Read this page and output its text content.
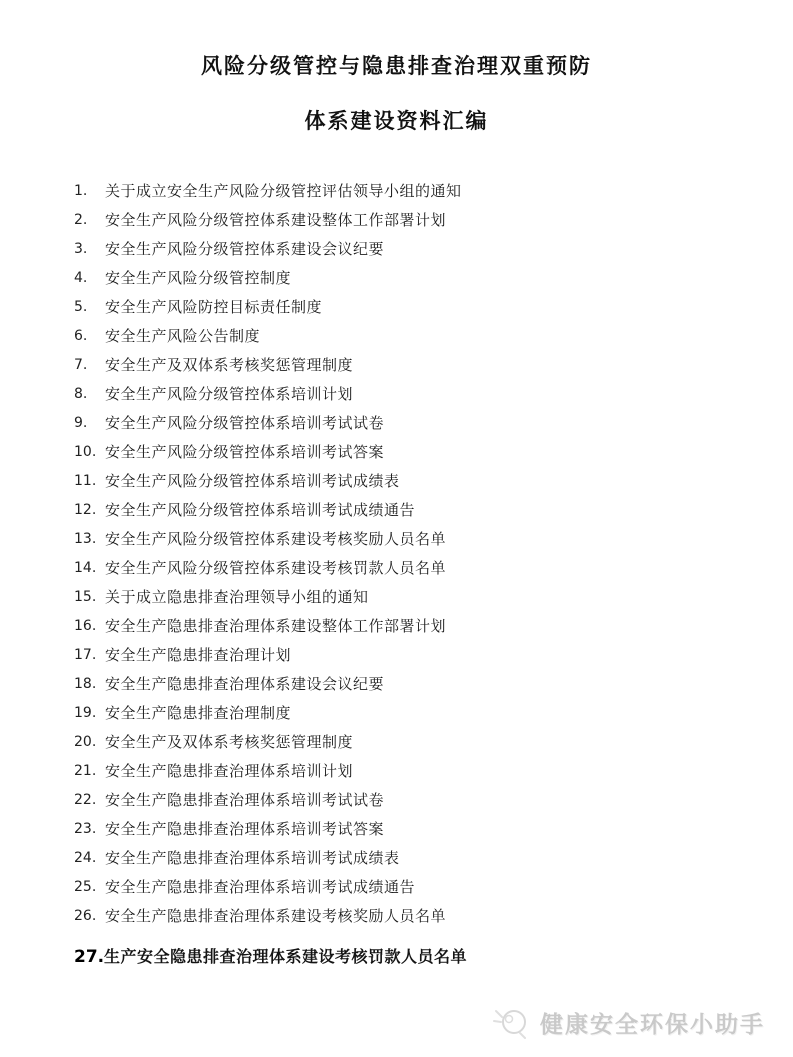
风险分级管控与隐患排查治理双重预防
体系建设资料汇编
1.	关于成立安全生产风险分级管控评估领导小组的通知
2.	安全生产风险分级管控体系建设整体工作部署计划
3.	安全生产风险分级管控体系建设会议纪要
4.	安全生产风险分级管控制度
5.	安全生产风险防控目标责任制度
6.	安全生产风险公告制度
7.	安全生产及双体系考核奖惩管理制度
8.	安全生产风险分级管控体系培训计划
9.	安全生产风险分级管控体系培训考试试卷
10. 安全生产风险分级管控体系培训考试答案
11. 安全生产风险分级管控体系培训考试成绩表
12. 安全生产风险分级管控体系培训考试成绩通告
13. 安全生产风险分级管控体系建设考核奖励人员名单
14. 安全生产风险分级管控体系建设考核罚款人员名单
15. 关于成立隐患排查治理领导小组的通知
16. 安全生产隐患排查治理体系建设整体工作部署计划
17. 安全生产隐患排查治理计划
18. 安全生产隐患排查治理体系建设会议纪要
19. 安全生产隐患排查治理制度
20. 安全生产及双体系考核奖惩管理制度
21. 安全生产隐患排查治理体系培训计划
22. 安全生产隐患排查治理体系培训考试试卷
23. 安全生产隐患排查治理体系培训考试答案
24. 安全生产隐患排查治理体系培训考试成绩表
25. 安全生产隐患排查治理体系培训考试成绩通告
26. 安全生产隐患排查治理体系建设考核奖励人员名单
27. 生产安全隐患排查治理体系建设考核罚款人员名单
健康安全环保小助手
